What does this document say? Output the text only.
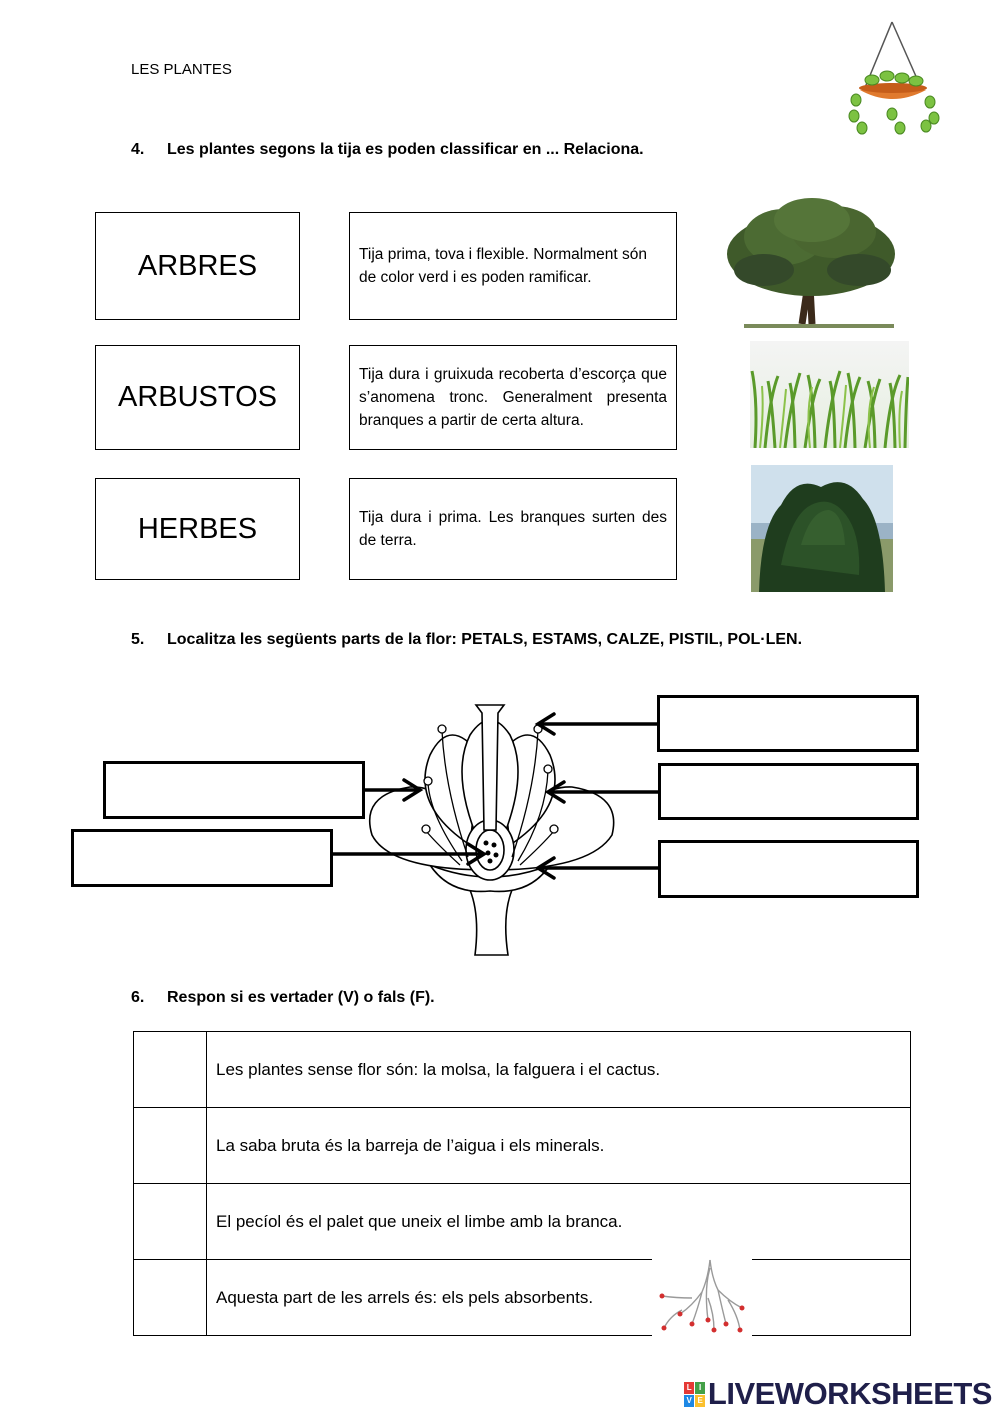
LES PLANTES
4. Les plantes segons la tija es poden classificar en ... Relaciona.
ARBRES
ARBUSTOS
HERBES
Tija prima, tova i flexible. Normalment són de color verd i es poden ramificar.
Tija dura i gruixuda recoberta d’escorça que s’anomena tronc. Generalment presenta branques a partir de certa altura.
Tija dura i prima. Les branques surten des de terra.
5. Localitza les següents parts de la flor: PETALS, ESTAMS, CALZE, PISTIL, POL·LEN.
6. Respon si es vertader (V) o fals (F).
	Les plantes sense flor són: la molsa, la falguera i el cactus.
	La saba bruta és la barreja de l’aigua i els minerals.
	El pecíol és el palet que uneix el limbe amb la branca.
	Aquesta part de les arrels és: els pels absorbents.
L I
V E LIVEWORKSHEETS
